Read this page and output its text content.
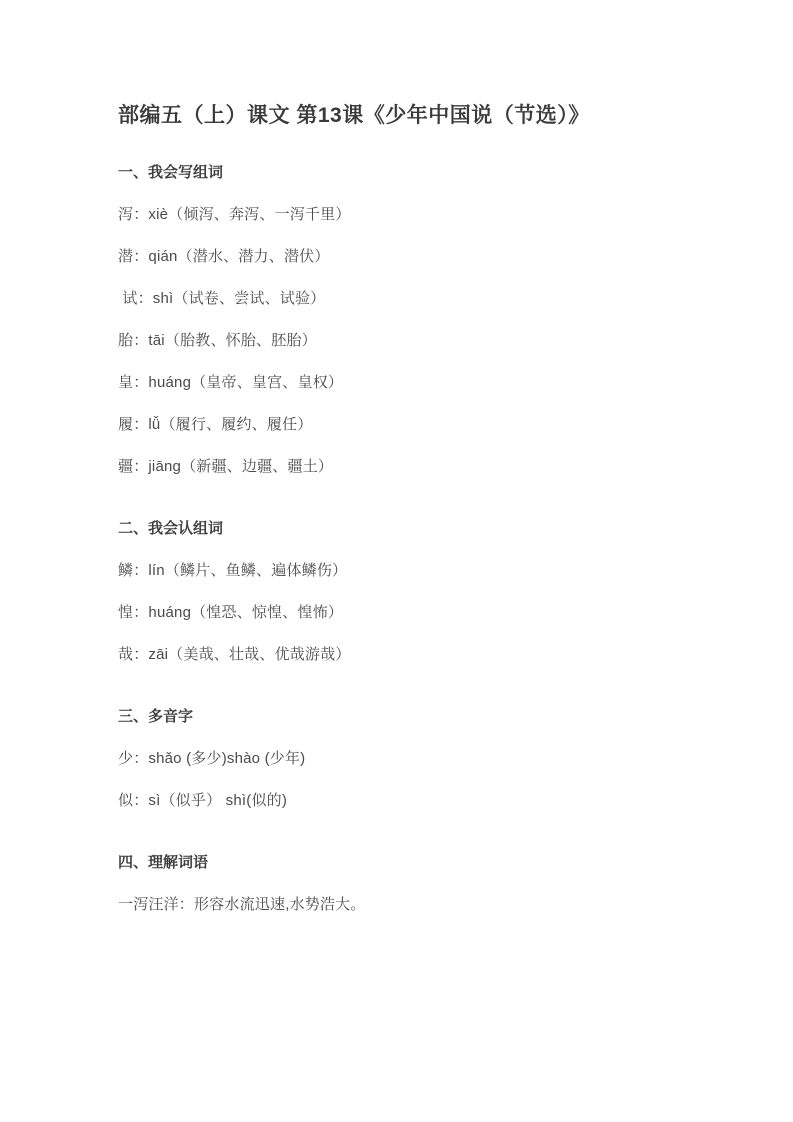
部编五（上）课文 第13课《少年中国说（节选）》
一、我会写组词

泻：xiè（倾泻、奔泻、一泻千里）

潜：qián（潜水、潜力、潜伏）

试：shì（试卷、尝试、试验）

胎：tāi（胎教、怀胎、胚胎）

皇：huáng（皇帝、皇宫、皇权）

履：lǚ（履行、履约、履任）

疆：jiāng（新疆、边疆、疆土）

二、我会认组词

鳞：lín（鳞片、鱼鳞、遍体鳞伤）

惶：huáng（惶恐、惊惶、惶怖）

哉：zāi（美哉、壮哉、优哉游哉）

三、多音字

少：shǎo (多少)shào (少年)

似：sì（似乎） shì(似的)

四、理解词语

一泻汪洋：形容水流迅速,水势浩大。
